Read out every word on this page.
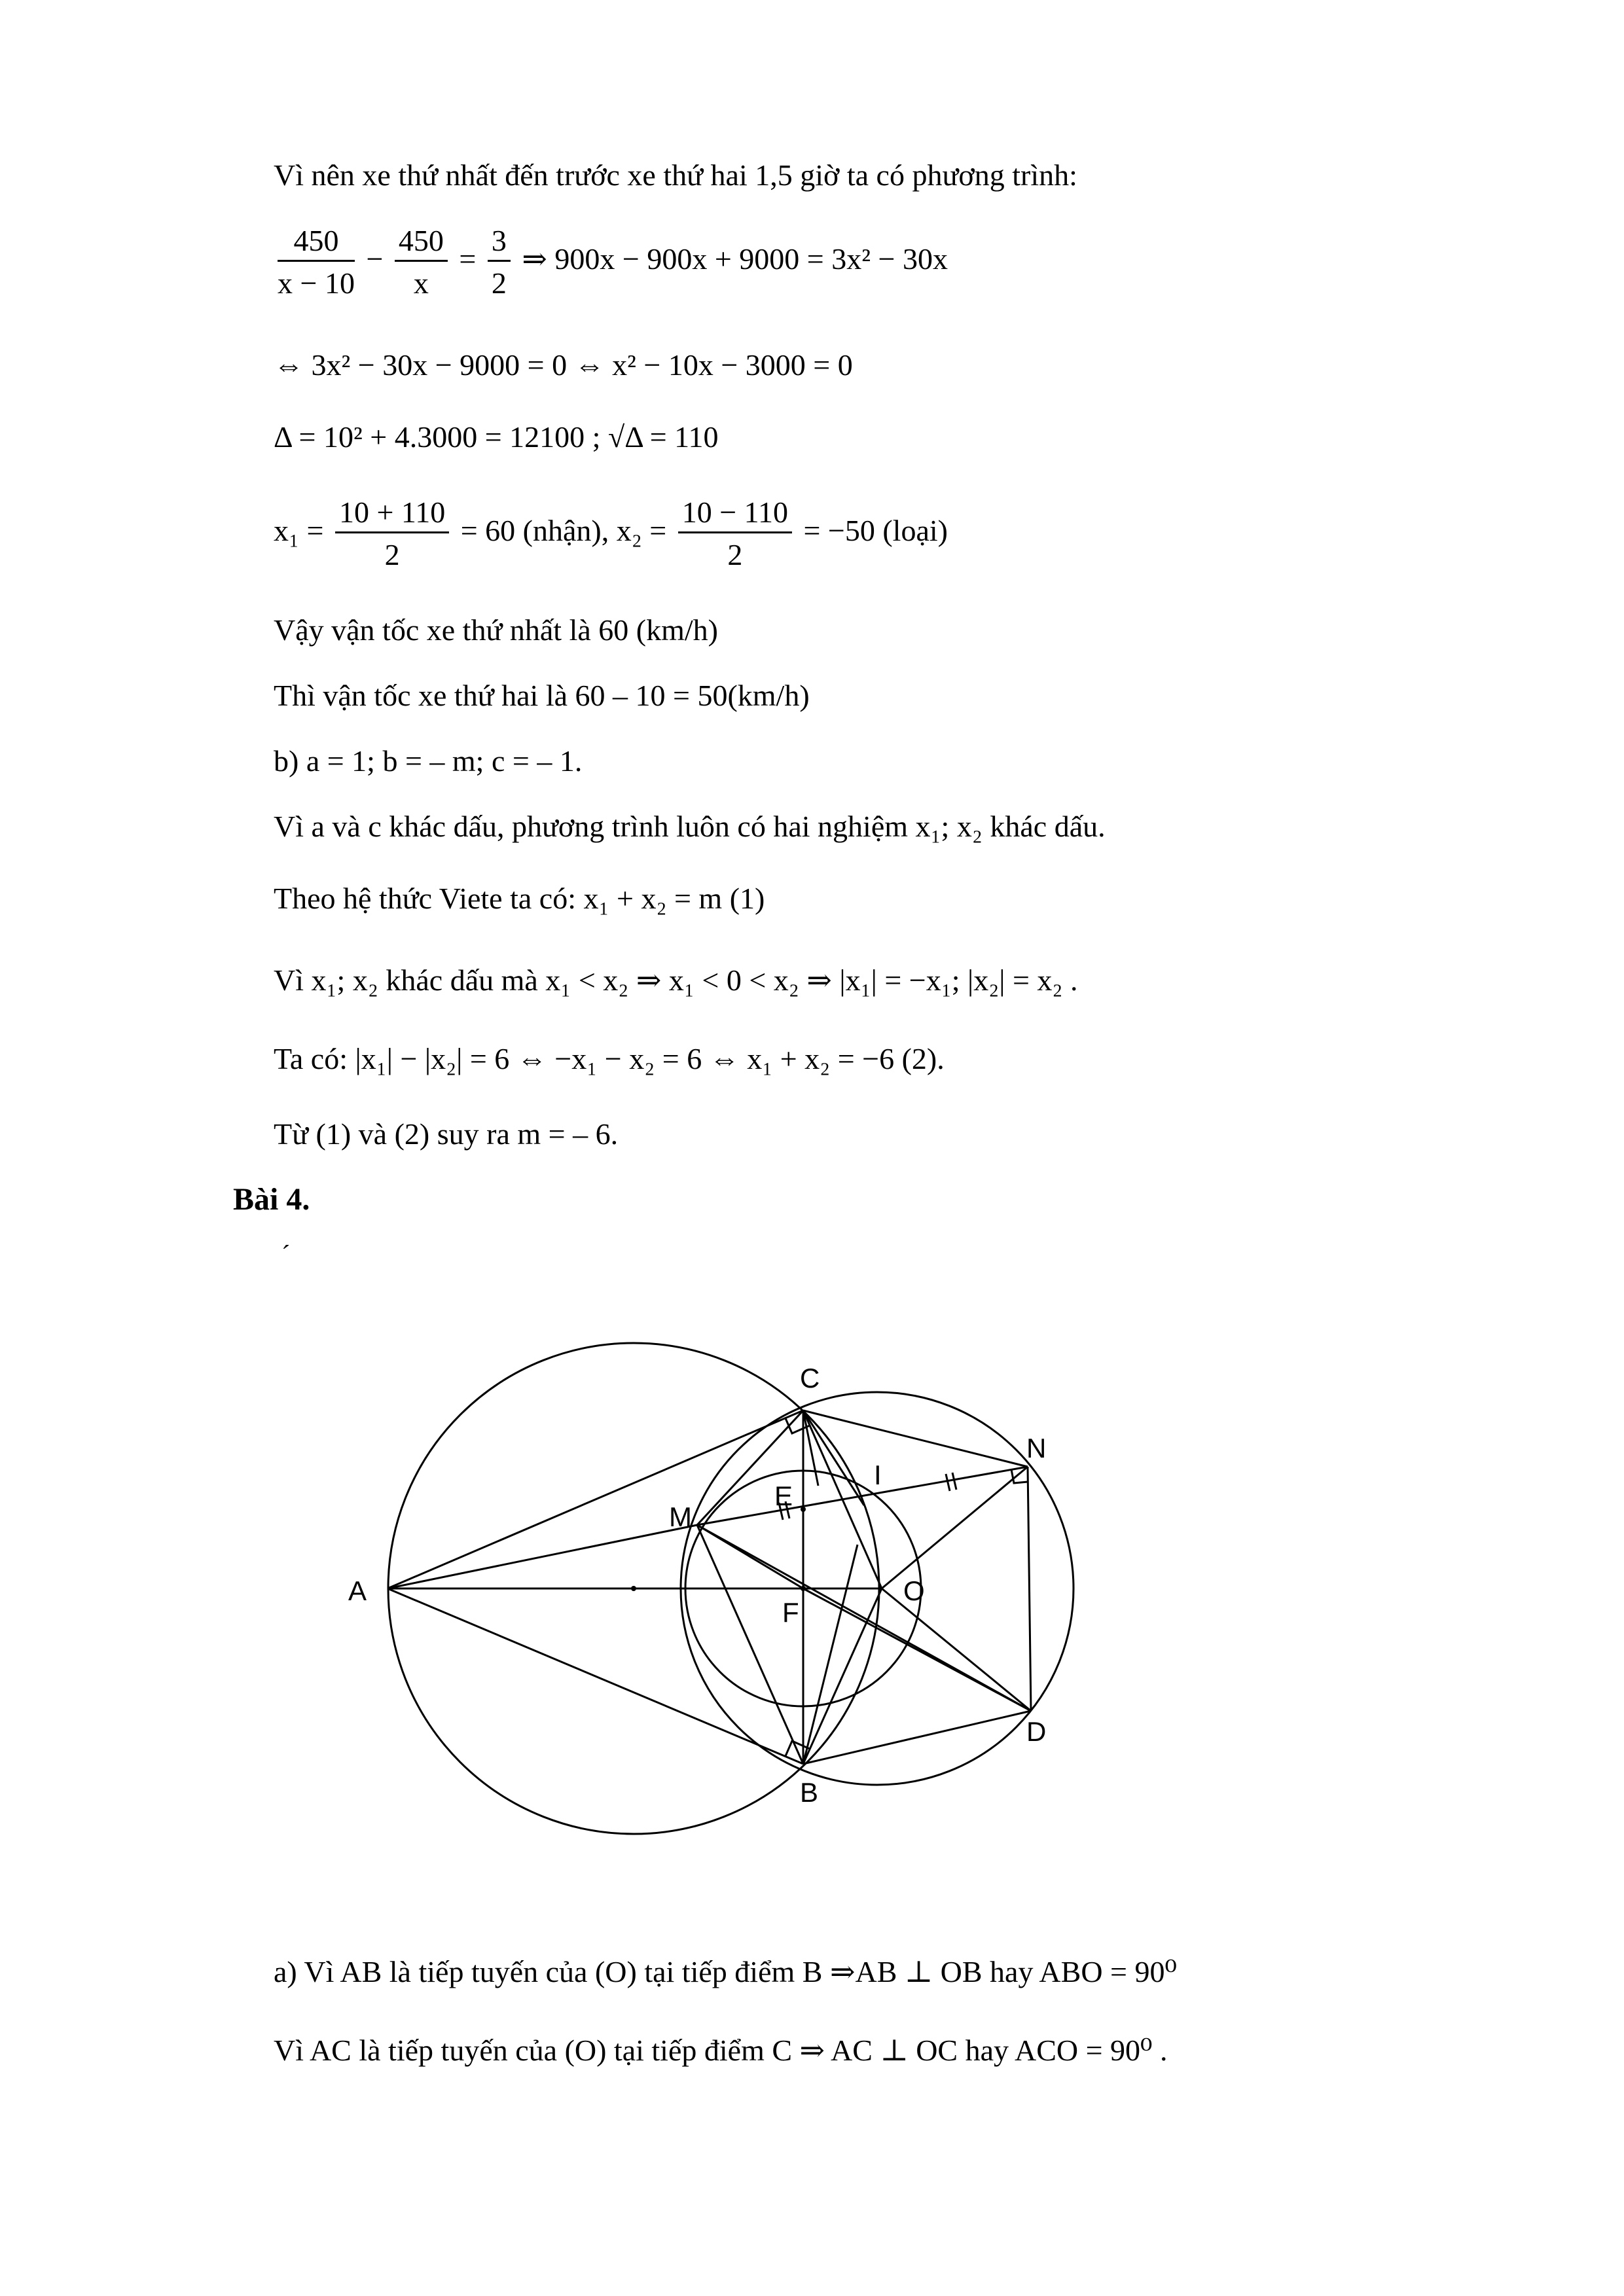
Vì nên xe thứ nhất đến trước xe thứ hai 1,5 giờ ta có phương trình:
$\frac{450}{x - 10} - \frac{450}{x} = \frac{3}{2}$ ⇒ 900x − 900x + 9000 = 3x² − 30x
⇔ 3x² − 30x − 9000 = 0 ⇔ x² − 10x − 3000 = 0
Δ = 10² + 4.3000 = 12100 ; √Δ = 110
$x_1 = \frac{10 + 110}{2} = 60$ (nhận), $x_2 = \frac{10 - 110}{2} = -50$ (loại)
Vậy vận tốc xe thứ nhất là 60 (km/h)
Thì vận tốc xe thứ hai là 60 – 10 = 50(km/h)
b) a = 1; b = – m; c = – 1.
Vì a và c khác dấu, phương trình luôn có hai nghiệm x₁; x₂ khác dấu.
Theo hệ thức Viete ta có: x₁ + x₂ = m (1)
Vì x₁; x₂ khác dấu mà x₁ < x₂ ⇒ x₁ < 0 < x₂ ⇒ |x₁| = −x₁; |x₂| = x₂ .
Ta có: |x₁| − |x₂| = 6 ⇔ −x₁ − x₂ = 6 ⇔ x₁ + x₂ = −6 (2).
Từ (1) và (2) suy ra m = – 6.
Bài 4.
ˊ
A
B
C
D
E
F
I
M
N
O
a) Vì AB là tiếp tuyến của (O) tại tiếp điểm B ⇒AB ⊥ OB hay ABO = 90⁰
Vì AC là tiếp tuyến của (O) tại tiếp điểm C ⇒ AC ⊥ OC hay ACO = 90⁰ .
